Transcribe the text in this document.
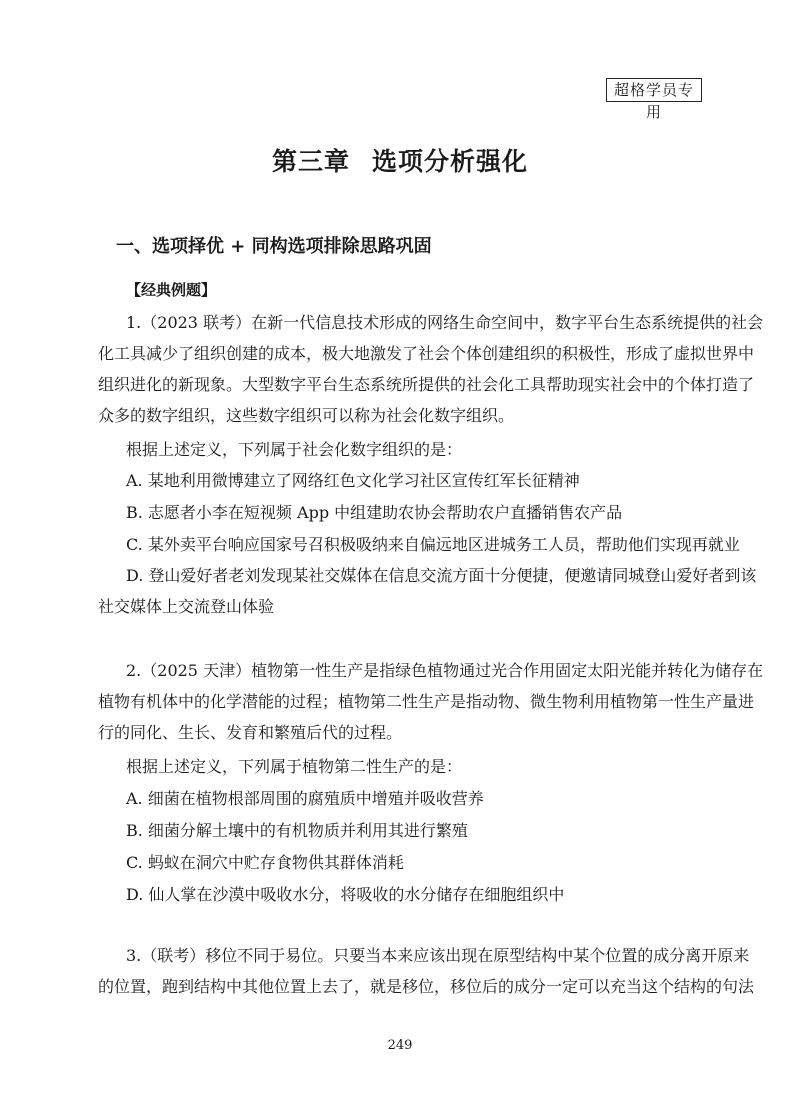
超格学员专用
第三章 选项分析强化
一、选项择优 + 同构选项排除思路巩固
【经典例题】
1.（2023 联考）在新一代信息技术形成的网络生命空间中，数字平台生态系统提供的社会
化工具减少了组织创建的成本，极大地激发了社会个体创建组织的积极性，形成了虚拟世界中
组织进化的新现象。大型数字平台生态系统所提供的社会化工具帮助现实社会中的个体打造了
众多的数字组织，这些数字组织可以称为社会化数字组织。
根据上述定义，下列属于社会化数字组织的是：
A. 某地利用微博建立了网络红色文化学习社区宣传红军长征精神
B. 志愿者小李在短视频 App 中组建助农协会帮助农户直播销售农产品
C. 某外卖平台响应国家号召积极吸纳来自偏远地区进城务工人员，帮助他们实现再就业
D. 登山爱好者老刘发现某社交媒体在信息交流方面十分便捷，便邀请同城登山爱好者到该
社交媒体上交流登山体验
2.（2025 天津）植物第一性生产是指绿色植物通过光合作用固定太阳光能并转化为储存在
植物有机体中的化学潜能的过程；植物第二性生产是指动物、微生物利用植物第一性生产量进
行的同化、生长、发育和繁殖后代的过程。
根据上述定义，下列属于植物第二性生产的是：
A. 细菌在植物根部周围的腐殖质中增殖并吸收营养
B. 细菌分解土壤中的有机物质并利用其进行繁殖
C. 蚂蚁在洞穴中贮存食物供其群体消耗
D. 仙人掌在沙漠中吸收水分，将吸收的水分储存在细胞组织中
3.（联考）移位不同于易位。只要当本来应该出现在原型结构中某个位置的成分离开原来
的位置，跑到结构中其他位置上去了，就是移位，移位后的成分一定可以充当这个结构的句法
249
